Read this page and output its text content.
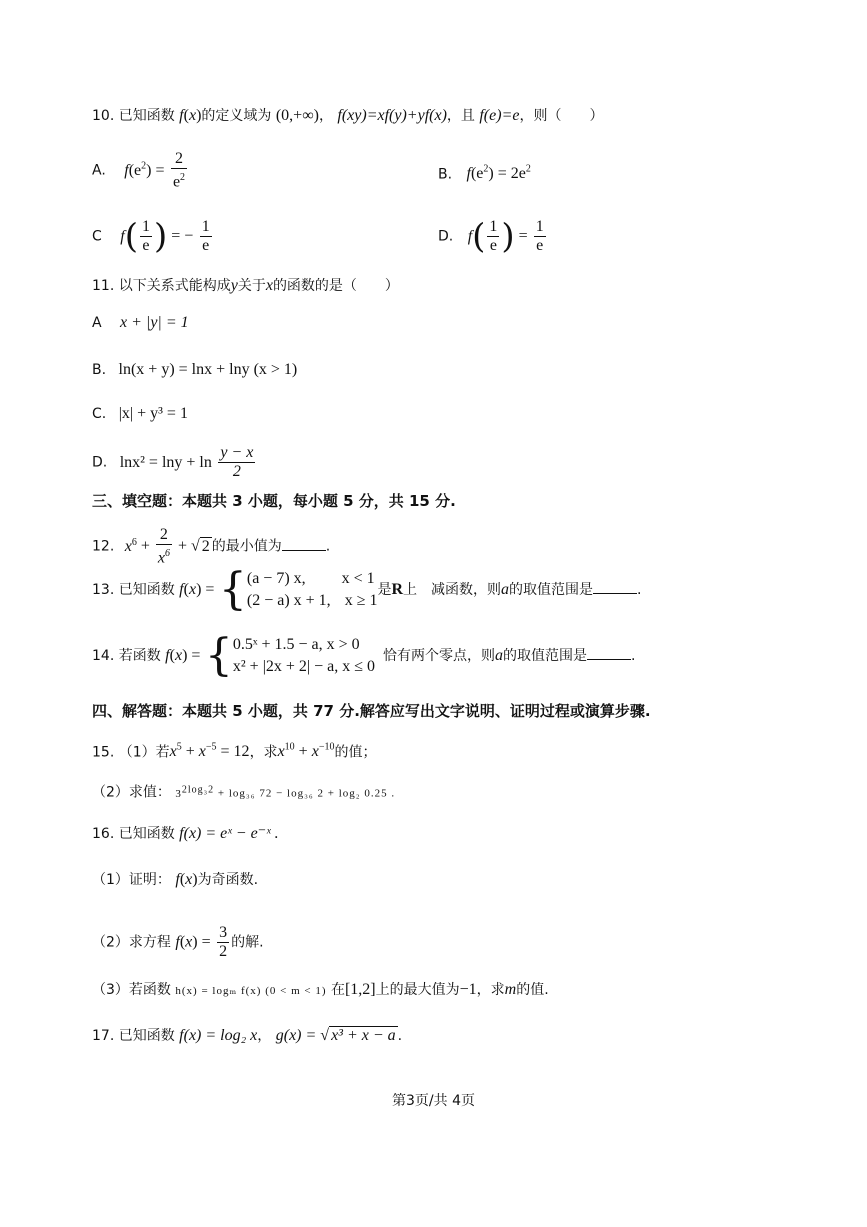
10. 已知函数 f(x)的定义域为 (0,+∞)， f(xy)=xf(y)+yf(x)，且 f(e)=e，则（　　）
A. $f(e^2) = \frac{2}{e^2}$	B. $f(e^2) = 2e^2$
C $f( \frac{1}{e}$ ) = − $\frac{1}{e}$	D. $f( \frac{1}{e}$ ) = $\frac{1}{e}$
11. 以下关系式能构成y关于x的函数的是（　　）
A x + |y| = 1
B. ln(x + y) = lnx + lny (x > 1)
C. |x| + y³ = 1
D. $\ln x^2 = \ln y + \ln \frac{y - x}{2}$
三、填空题：本题共 3 小题，每小题 5 分，共 15 分.
12. $x^6 + \frac{2}{x^6}$ + √ 2 的最小值为	.
13. 已知函数 f(x) = { (a − 7) x, x < 1
(2 − a) x + 1, x ≥ 1
是R上　减函数，则a的取值范围是	.
14. 若函数 f(x) = { 0.5ˣ + 1.5 − a, x > 0
x² + |2x + 2| − a, x ≤ 0
恰有两个零点，则a的取值范围是	.
四、解答题：本题共 5 小题，共 77 分.解答应写出文字说明、证明过程或演算步骤.
15. （1）若$x^5 + x^{-5} = 12$，求$x^{10} + x^{-10}$的值；
（2）求值： 32log₃2 + log₃₆ 72 − log₃₆ 2 + log₂ 0.25 .
16. 已知函数 f(x) = eˣ − e⁻ˣ .
（1）证明： f(x)为奇函数.
（2）求方程 $f(x) = \frac{3}{2}$ 的解.
（3）若函数 h(x) = logₘ f(x) (0 < m < 1) 在[1,2]上的最大值为−1，求m的值.
17. 已知函数 f(x) = log₂ x， g(x) = √ x³ + x − a .
第3页/共 4页
